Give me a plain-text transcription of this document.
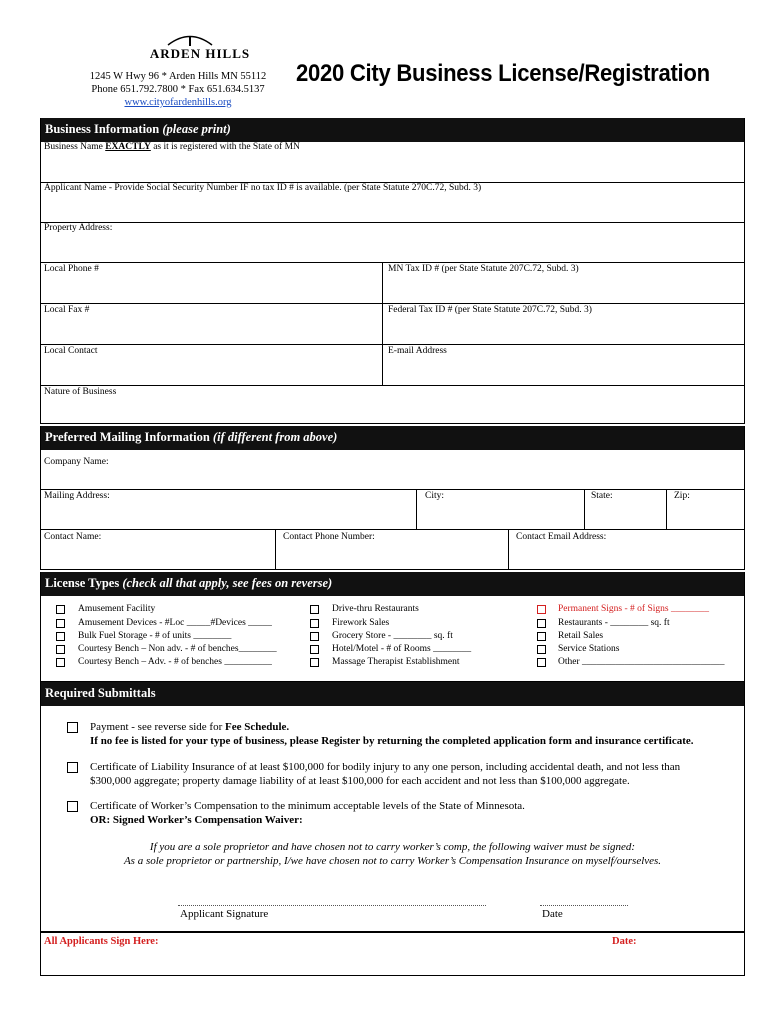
ARDEN HILLS
1245 W Hwy 96 * Arden Hills MN 55112
Phone 651.792.7800 * Fax 651.634.5137
www.cityofardenhills.org
2020 City Business License/Registration
Business Information (please print)
Business Name EXACTLY as it is registered with the State of MN
Applicant Name - Provide Social Security Number IF no tax ID # is available. (per State Statute 270C.72, Subd. 3)
Property Address:
Local Phone #	MN Tax ID # (per State Statute 207C.72, Subd. 3)
Local Fax #	Federal Tax ID # (per State Statute 207C.72, Subd. 3)
Local Contact	E-mail Address
Nature of Business
Preferred Mailing Information (if different from above)
Company Name:
Mailing Address:	City:	State:	Zip:
Contact Name:	Contact Phone Number:	Contact Email Address:
License Types (check all that apply, see fees on reverse)
Amusement Facility
Amusement Devices - #Loc _____#Devices _____
Bulk Fuel Storage - # of units ________
Courtesy Bench – Non adv. - # of benches________
Courtesy Bench – Adv. - # of benches __________
Drive-thru Restaurants
Firework Sales
Grocery Store - ________ sq. ft
Hotel/Motel - # of Rooms ________
Massage Therapist Establishment
Permanent Signs - # of Signs ________
Restaurants - ________ sq. ft
Retail Sales
Service Stations
Other ______________________________
Required Submittals
Payment - see reverse side for Fee Schedule.
If no fee is listed for your type of business, please Register by returning the completed application form and insurance certificate.
Certificate of Liability Insurance of at least $100,000 for bodily injury to any one person, including accidental death, and not less than
$300,000 aggregate; property damage liability of at least $100,000 for each accident and not less than $100,000 aggregate.
Certificate of Worker’s Compensation to the minimum acceptable levels of the State of Minnesota.
OR: Signed Worker’s Compensation Waiver:
If you are a sole proprietor and have chosen not to carry worker’s comp, the following waiver must be signed:
As a sole proprietor or partnership, I/we have chosen not to carry Worker’s Compensation Insurance on myself/ourselves.
Applicant Signature	Date
All Applicants Sign Here:	Date:
